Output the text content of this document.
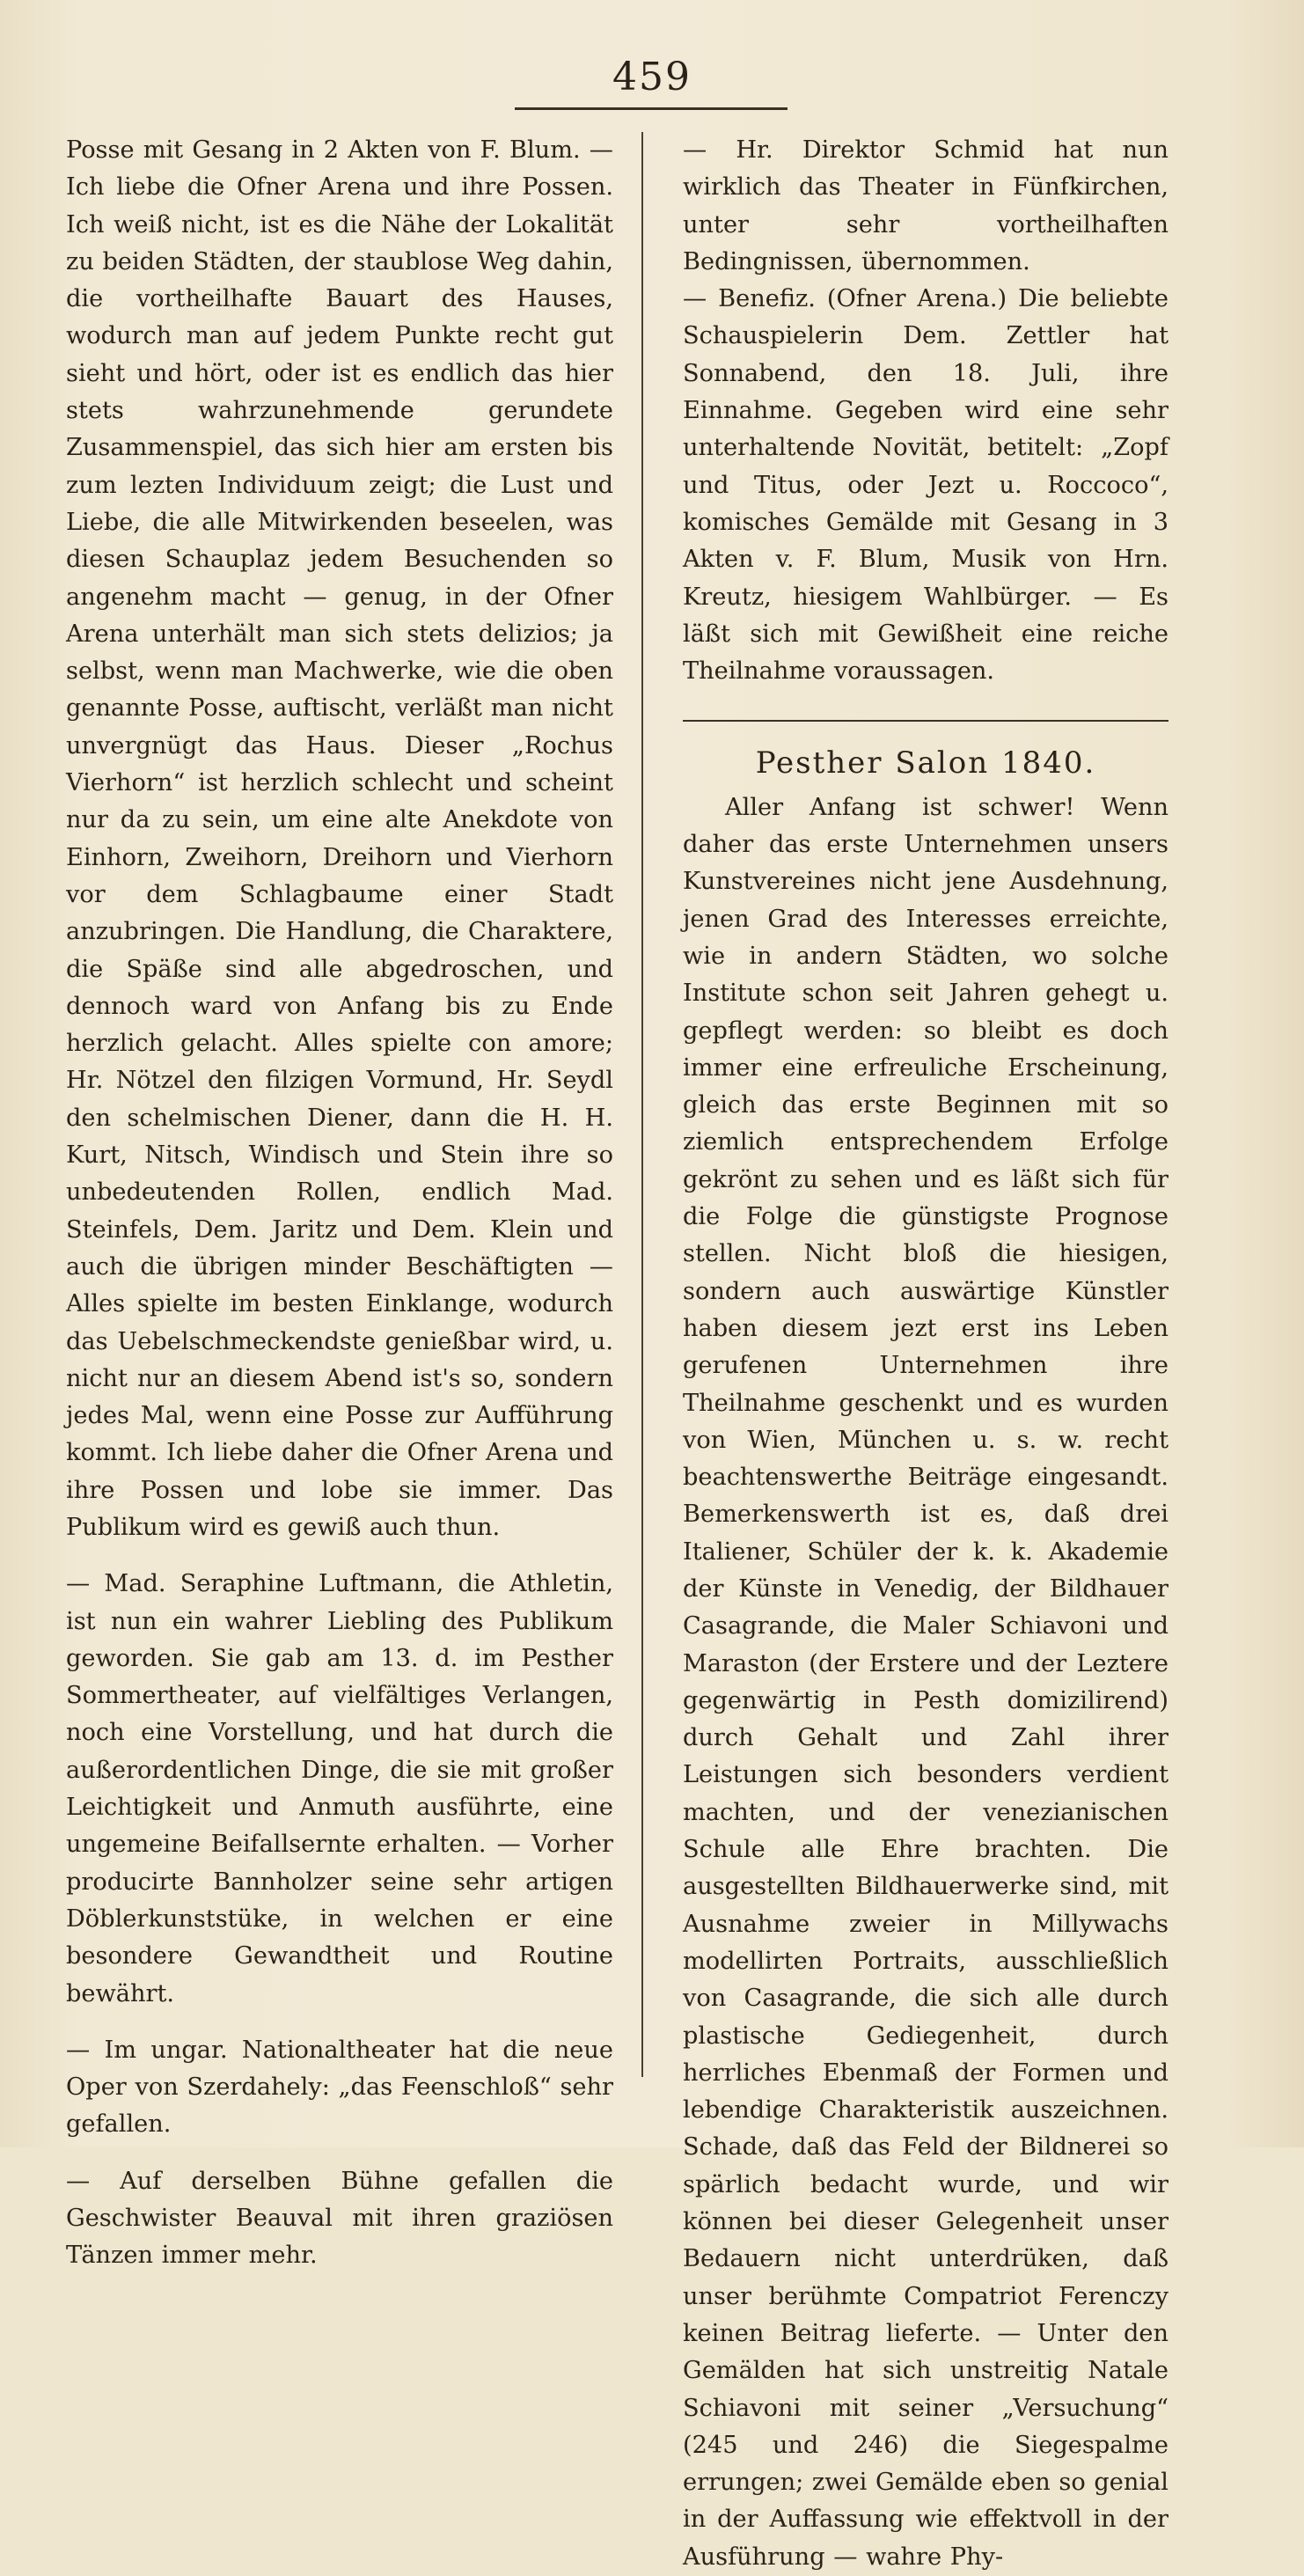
459

Posse mit Gesang in 2 Akten von F. Blum. — Ich liebe die Ofner Arena und ihre Possen. Ich weiß nicht, ist es die Nähe der Lokalität zu beiden Städten, der staublose Weg dahin, die vortheilhafte Bauart des Hauses, wodurch man auf jedem Punkte recht gut sieht und hört, oder ist es endlich das hier stets wahrzunehmende gerundete Zusammenspiel, das sich hier am ersten bis zum lezten Individuum zeigt; die Lust und Liebe, die alle Mitwirkenden beseelen, was diesen Schauplaz jedem Besuchenden so angenehm macht — genug, in der Ofner Arena unterhält man sich stets delizios; ja selbst, wenn man Machwerke, wie die oben genannte Posse, auftischt, verläßt man nicht unvergnügt das Haus. Dieser „Rochus Vierhorn“ ist herzlich schlecht und scheint nur da zu sein, um eine alte Anekdote von Einhorn, Zweihorn, Dreihorn und Vierhorn vor dem Schlagbaume einer Stadt anzubringen. Die Handlung, die Charaktere, die Späße sind alle abgedroschen, und dennoch ward von Anfang bis zu Ende herzlich gelacht. Alles spielte con amore; Hr. Nötzel den filzigen Vormund, Hr. Seydl den schelmischen Diener, dann die H. H. Kurt, Nitsch, Windisch und Stein ihre so unbedeutenden Rollen, endlich Mad. Steinfels, Dem. Jaritz und Dem. Klein und auch die übrigen minder Beschäftigten — Alles spielte im besten Einklange, wodurch das Uebelschmeckendste genießbar wird, u. nicht nur an diesem Abend ist's so, sondern jedes Mal, wenn eine Posse zur Aufführung kommt. Ich liebe daher die Ofner Arena und ihre Possen und lobe sie immer. Das Publikum wird es gewiß auch thun.

— Mad. Seraphine Luftmann, die Athletin, ist nun ein wahrer Liebling des Publikum geworden. Sie gab am 13. d. im Pesther Sommertheater, auf vielfältiges Verlangen, noch eine Vorstellung, und hat durch die außerordentlichen Dinge, die sie mit großer Leichtigkeit und Anmuth ausführte, eine ungemeine Beifallsernte erhalten. — Vorher producirte Bannholzer seine sehr artigen Döblerkunststüke, in welchen er eine besondere Gewandtheit und Routine bewährt.

— Im ungar. Nationaltheater hat die neue Oper von Szerdahely: „das Feenschloß“ sehr gefallen.

— Auf derselben Bühne gefallen die Geschwister Beauval mit ihren graziösen Tänzen immer mehr.

— Hr. Direktor Schmid hat nun wirklich das Theater in Fünfkirchen, unter sehr vortheilhaften Bedingnissen, übernommen.

— Benefiz. (Ofner Arena.) Die beliebte Schauspielerin Dem. Zettler hat Sonnabend, den 18. Juli, ihre Einnahme. Gegeben wird eine sehr unterhaltende Novität, betitelt: „Zopf und Titus, oder Jezt u. Roccoco“, komisches Gemälde mit Gesang in 3 Akten v. F. Blum, Musik von Hrn. Kreutz, hiesigem Wahlbürger. — Es läßt sich mit Gewißheit eine reiche Theilnahme voraussagen.

Pesther Salon 1840.

Aller Anfang ist schwer! Wenn daher das erste Unternehmen unsers Kunstvereines nicht jene Ausdehnung, jenen Grad des Interesses erreichte, wie in andern Städten, wo solche Institute schon seit Jahren gehegt u. gepflegt werden: so bleibt es doch immer eine erfreuliche Erscheinung, gleich das erste Beginnen mit so ziemlich entsprechendem Erfolge gekrönt zu sehen und es läßt sich für die Folge die günstigste Prognose stellen. Nicht bloß die hiesigen, sondern auch auswärtige Künstler haben diesem jezt erst ins Leben gerufenen Unternehmen ihre Theilnahme geschenkt und es wurden von Wien, München u. s. w. recht beachtenswerthe Beiträge eingesandt. Bemerkenswerth ist es, daß drei Italiener, Schüler der k. k. Akademie der Künste in Venedig, der Bildhauer Casagrande, die Maler Schiavoni und Maraston (der Erstere und der Leztere gegenwärtig in Pesth domizilirend) durch Gehalt und Zahl ihrer Leistungen sich besonders verdient machten, und der venezianischen Schule alle Ehre brachten. Die ausgestellten Bildhauerwerke sind, mit Ausnahme zweier in Millywachs modellirten Portraits, ausschließlich von Casagrande, die sich alle durch plastische Gediegenheit, durch herrliches Ebenmaß der Formen und lebendige Charakteristik auszeichnen. Schade, daß das Feld der Bildnerei so spärlich bedacht wurde, und wir können bei dieser Gelegenheit unser Bedauern nicht unterdrüken, daß unser berühmte Compatriot Ferenczy keinen Beitrag lieferte. — Unter den Gemälden hat sich unstreitig Natale Schiavoni mit seiner „Versuchung“ (245 und 246) die Siegespalme errungen; zwei Gemälde eben so genial in der Auffassung wie effektvoll in der Ausführung — wahre Phy-
